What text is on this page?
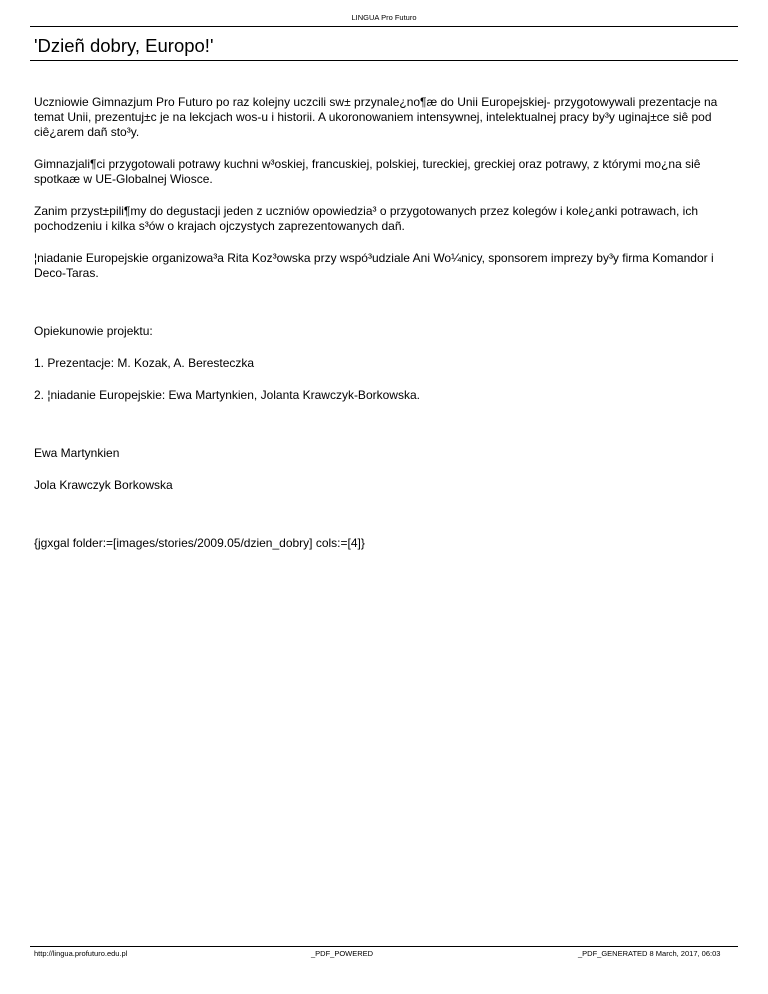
LINGUA Pro Futuro
'Dzieñ dobry, Europo!'

Uczniowie Gimnazjum Pro Futuro po raz kolejny uczcili sw± przynale¿no¶æ do Unii Europejskiej- przygotowywali prezentacje na temat Unii, prezentuj±c je na lekcjach wos-u i historii. A ukoronowaniem intensywnej, intelektualnej pracy by³y uginaj±ce siê pod ciê¿arem dañ sto³y.

Gimnazjali¶ci przygotowali potrawy kuchni w³oskiej, francuskiej, polskiej, tureckiej, greckiej oraz potrawy, z którymi mo¿na siê spotkaæ w UE-Globalnej Wiosce.

Zanim przyst±pili¶my do degustacji jeden z uczniów opowiedzia³ o przygotowanych przez kolegów i kole¿anki potrawach, ich pochodzeniu i kilka s³ów o krajach ojczystych zaprezentowanych dañ.

¦niadanie Europejskie organizowa³a Rita Koz³owska przy wspó³udziale Ani Wo¼nicy, sponsorem imprezy by³y firma Komandor i Deco-Taras.

Opiekunowie projektu:

1. Prezentacje: M. Kozak, A. Beresteczka

2. ¦niadanie Europejskie: Ewa Martynkien, Jolanta Krawczyk-Borkowska.

Ewa Martynkien

Jola Krawczyk Borkowska

{jgxgal folder:=[images/stories/2009.05/dzien_dobry] cols:=[4]}

http://lingua.profuturo.edu.pl	_PDF_POWERED	_PDF_GENERATED 8 March, 2017, 06:03
